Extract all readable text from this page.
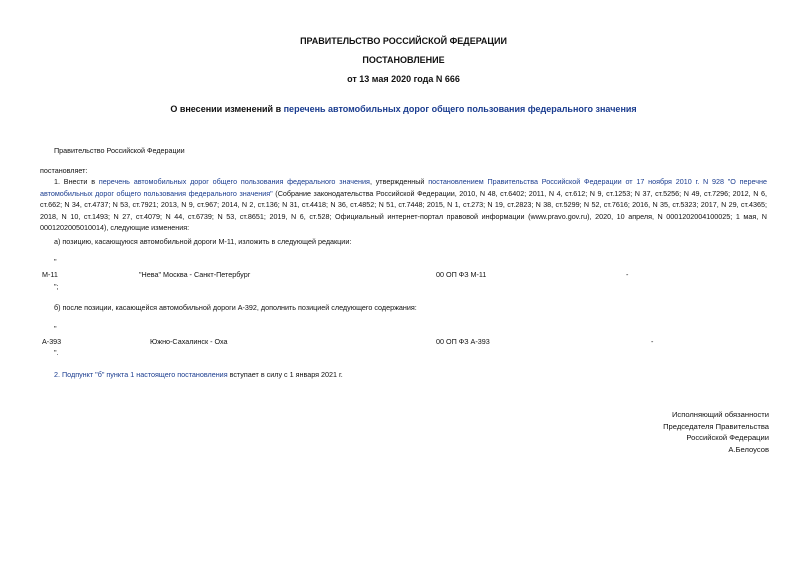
ПРАВИТЕЛЬСТВО РОССИЙСКОЙ ФЕДЕРАЦИИ
ПОСТАНОВЛЕНИЕ
от 13 мая 2020 года N 666
О внесении изменений в перечень автомобильных дорог общего пользования федерального значения
Правительство Российской Федерации
постановляет:
1. Внести в перечень автомобильных дорог общего пользования федерального значения, утвержденный постановлением Правительства Российской Федерации от 17 ноября 2010 г. N 928 "О перечне автомобильных дорог общего пользования федерального значения" (Собрание законодательства Российской Федерации, 2010, N 48, ст.6402; 2011, N 4, ст.612; N 9, ст.1253; N 37, ст.5256; N 49, ст.7296; 2012, N 6, ст.662; N 34, ст.4737; N 53, ст.7921; 2013, N 9, ст.967; 2014, N 2, ст.136; N 31, ст.4418; N 36, ст.4852; N 51, ст.7448; 2015, N 1, ст.273; N 19, ст.2823; N 38, ст.5299; N 52, ст.7616; 2016, N 35, ст.5323; 2017, N 29, ст.4365; 2018, N 10, ст.1493; N 27, ст.4079; N 44, ст.6739; N 53, ст.8651; 2019, N 6, ст.528; Официальный интернет-портал правовой информации (www.pravo.gov.ru), 2020, 10 апреля, N 0001202004100025; 1 мая, N 0001202005010014), следующие изменения:
а) позицию, касающуюся автомобильной дороги М-11, изложить в следующей редакции:
"
М-11	"Нева" Москва - Санкт-Петербург	00 ОП ФЗ М-11	-
";
б) после позиции, касающейся автомобильной дороги А-392, дополнить позицией следующего содержания:
"
А-393	Южно-Сахалинск - Оха	00 ОП ФЗ А-393	-
".
2. Подпункт "б" пункта 1 настоящего постановления вступает в силу с 1 января 2021 г.
Исполняющий обязанности
Председателя Правительства
Российской Федерации
А.Белоусов
